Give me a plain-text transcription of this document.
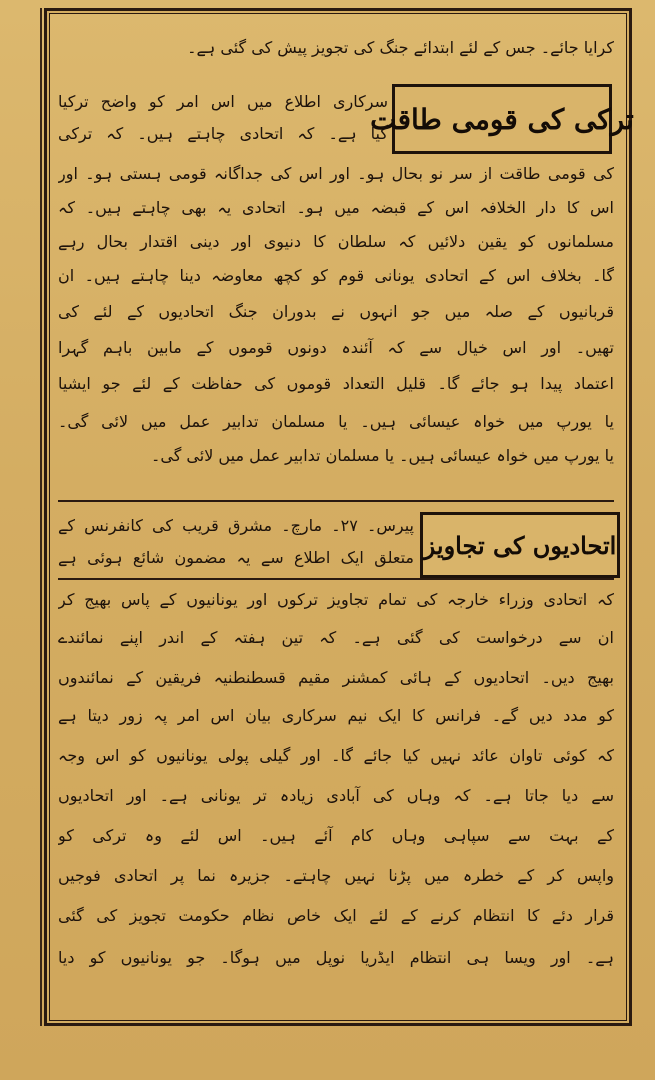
کرایا جائے۔ جس کے لئے ابتدائے جنگ کی تجویز پیش کی گئی ہے۔
ترکی کی قومی طاقت
سرکاری اطلاع میں اس امر کو واضح ترکیا
گیا ہے۔ کہ اتحادی چاہتے ہیں۔ کہ ترکی
کی قومی طاقت از سر نو بحال ہو۔ اور اس کی جداگانہ قومی ہستی ہو۔ اور
اس کا دار الخلافہ اس کے قبضہ میں ہو۔ اتحادی یہ بھی چاہتے ہیں۔ کہ
مسلمانوں کو یقین دلائیں کہ سلطان کا دنیوی اور دینی اقتدار بحال رہے
گا۔ بخلاف اس کے اتحادی یونانی قوم کو کچھ معاوضہ دینا چاہتے ہیں۔ ان
قربانیوں کے صلہ میں جو انہوں نے بدوران جنگ اتحادیوں کے لئے کی
تھیں۔ اور اس خیال سے کہ آئندہ دونوں قوموں کے مابین باہم گہرا
اعتماد پیدا ہو جائے گا۔ قلیل التعداد قوموں کی حفاظت کے لئے جو ایشیا
یا یورپ میں خواہ عیسائی ہیں۔ یا مسلمان تدابیر عمل میں لائی گی۔
یا یورپ میں خواہ عیسائی ہیں۔ یا مسلمان تدابیر عمل میں لائی گی۔
اتحادیوں کی تجاویز
پیرس۔ ۲۷۔ مارچ۔ مشرق قریب کی کانفرنس کے
متعلق ایک اطلاع سے یہ مضمون شائع ہوئی ہے
کہ اتحادی وزراء خارجہ کی تمام تجاویز ترکوں اور یونانیوں کے پاس بھیج کر
ان سے درخواست کی گئی ہے۔ کہ تین ہفتہ کے اندر اپنے نمائندے
بھیج دیں۔ اتحادیوں کے ہائی کمشنر مقیم قسطنطنیہ فریقین کے نمائندوں
کو مدد دیں گے۔ فرانس کا ایک نیم سرکاری بیان اس امر پہ زور دیتا ہے
کہ کوئی تاوان عائد نہیں کیا جائے گا۔ اور گیلی پولی یونانیوں کو اس وجہ
سے دیا جاتا ہے۔ کہ وہاں کی آبادی زیادہ تر یونانی ہے۔ اور اتحادیوں
کے بہت سے سپاہی وہاں کام آئے ہیں۔ اس لئے وہ ترکی کو
واپس کر کے خطرہ میں پڑنا نہیں چاہتے۔ جزیرہ نما پر اتحادی فوجیں
قرار دئے کا انتظام کرنے کے لئے ایک خاص نظام حکومت تجویز کی گئی
ہے۔ اور ویسا ہی انتظام ایڈریا نوپل میں ہوگا۔ جو یونانیوں کو دیا
